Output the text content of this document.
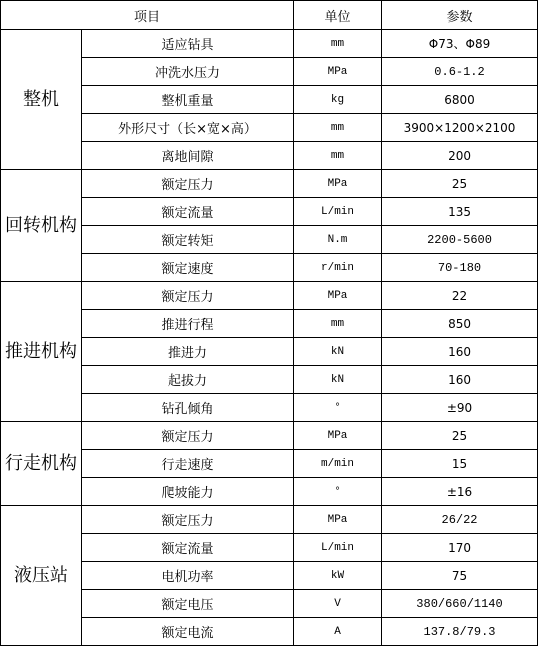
项目		单位	参数
整机	适应钻具	mm	Φ73、Φ89
	冲洗水压力	MPa	0.6-1.2
	整机重量	kg	6800
	外形尺寸（长×宽×高）	mm	3900×1200×2100
	离地间隙	mm	200
回转机构	额定压力	MPa	25
	额定流量	L/min	135
	额定转矩	N.m	2200-5600
	额定速度	r/min	70-180
推进机构	额定压力	MPa	22
	推进行程	mm	850
	推进力	kN	160
	起拔力	kN	160
	钻孔倾角	°	±90
行走机构	额定压力	MPa	25
	行走速度	m/min	15
	爬坡能力	°	±16
液压站	额定压力	MPa	26/22
	额定流量	L/min	170
	电机功率	kW	75
	额定电压	V	380/660/1140
	额定电流	A	137.8/79.3
